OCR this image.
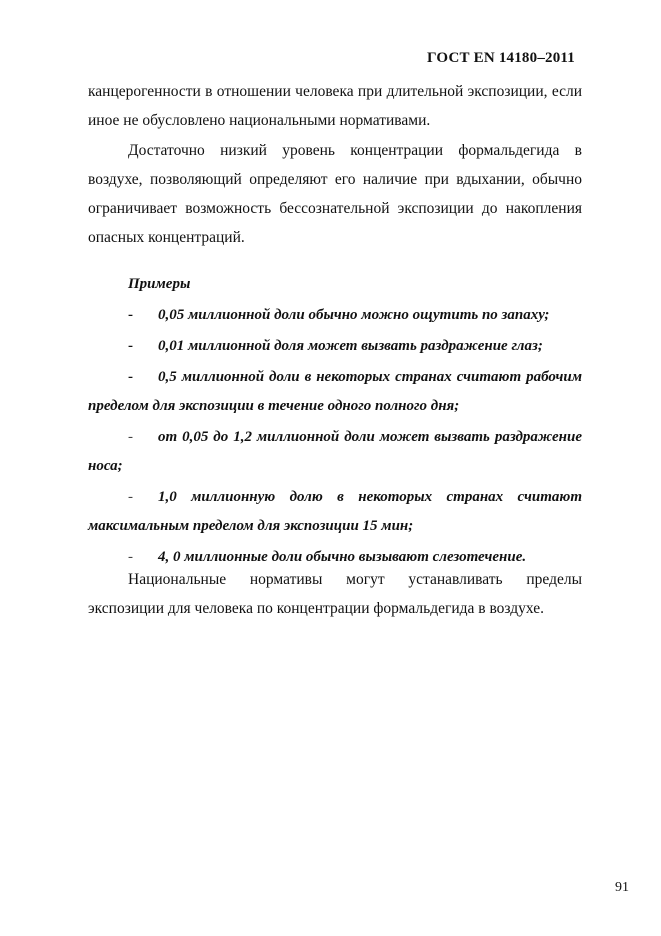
ГОСТ EN 14180–2011
канцерогенности в отношении человека при длительной экспозиции, если иное не обусловлено национальными нормативами.
Достаточно низкий уровень концентрации формальдегида в воздухе, позволяющий определяют его наличие при вдыхании, обычно ограничивает возможность бессознательной экспозиции до накопления опасных концентраций.
Примеры
- 0,05 миллионной доли обычно можно ощутить по запаху;
- 0,01 миллионной доля может вызвать раздражение глаз;
- 0,5 миллионной доли в некоторых странах считают рабочим пределом для экспозиции в течение одного полного дня;
- от 0,05 до 1,2 миллионной доли может вызвать раздражение носа;
- 1,0 миллионную долю в некоторых странах считают максимальным пределом для экспозиции 15 мин;
- 4, 0 миллионные доли обычно вызывают слезотечение.
Национальные нормативы могут устанавливать пределы экспозиции для человека по концентрации формальдегида в воздухе.
91
